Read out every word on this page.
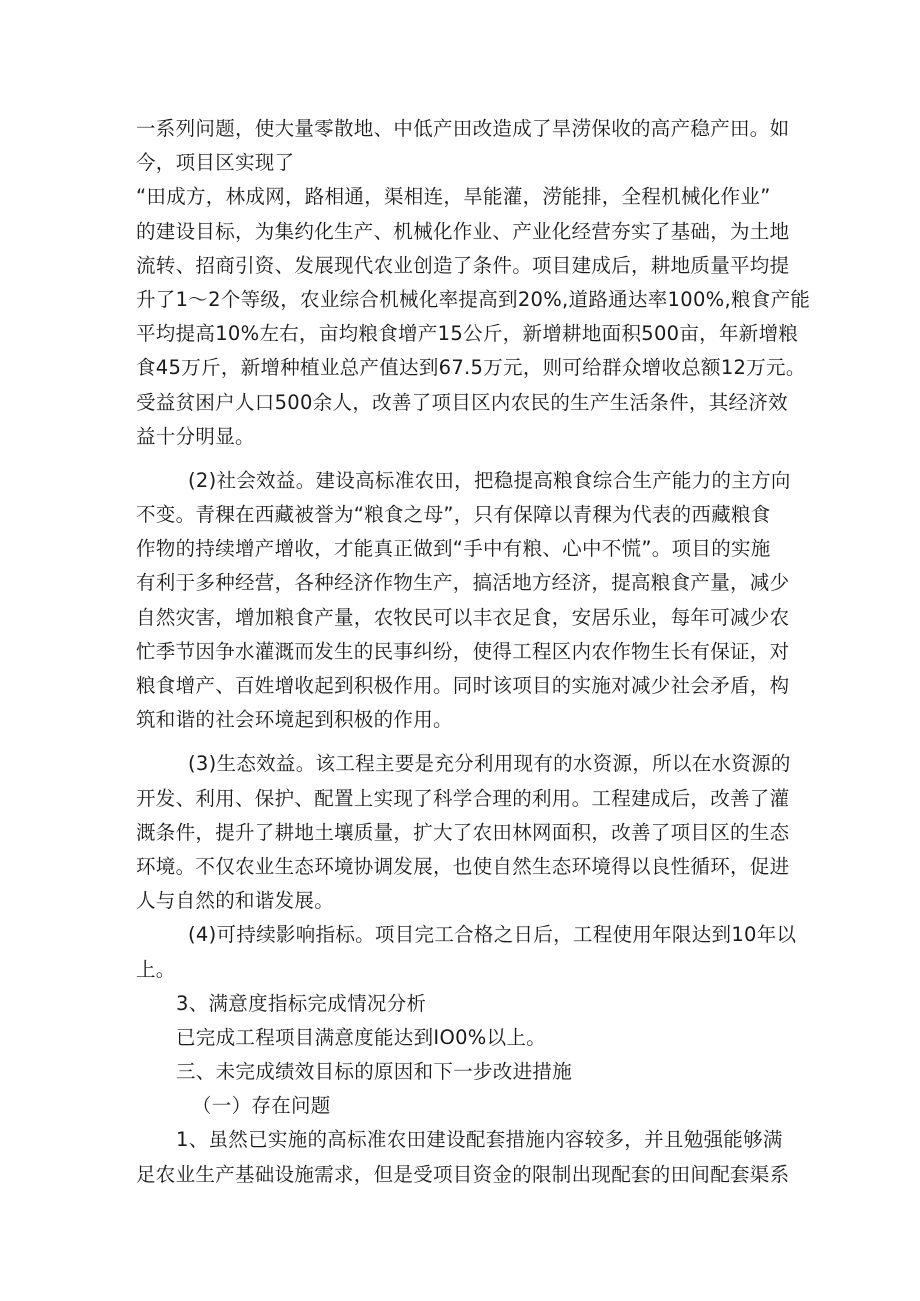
一系列问题，使大量零散地、中低产田改造成了旱涝保收的高产稳产田。如
今，项目区实现了
“田成方，林成网，路相通，渠相连，旱能灌，涝能排，全程机械化作业”
的建设目标，为集约化生产、机械化作业、产业化经营夯实了基础，为土地
流转、招商引资、发展现代农业创造了条件。项目建成后，耕地质量平均提
升了1〜2个等级，农业综合机械化率提高到20%,道路通达率100%,粮食产能
平均提高10%左右，亩均粮食增产15公斤，新增耕地面积500亩，年新增粮
食45万斤，新增种植业总产值达到67.5万元，则可给群众增收总额12万元。
受益贫困户人口500余人，改善了项目区内农民的生产生活条件，其经济效
益十分明显。
(2)社会效益。建设高标准农田，把稳提高粮食综合生产能力的主方向
不变。青稞在西藏被誉为“粮食之母”，只有保障以青稞为代表的西藏粮食
作物的持续增产增收，才能真正做到“手中有粮、心中不慌”。项目的实施
有利于多种经营，各种经济作物生产，搞活地方经济，提高粮食产量，减少
自然灾害，增加粮食产量，农牧民可以丰衣足食，安居乐业，每年可减少农
忙季节因争水灌溉而发生的民事纠纷，使得工程区内农作物生长有保证，对
粮食增产、百姓增收起到积极作用。同时该项目的实施对减少社会矛盾，构
筑和谐的社会环境起到积极的作用。
(3)生态效益。该工程主要是充分利用现有的水资源，所以在水资源的
开发、利用、保护、配置上实现了科学合理的利用。工程建成后，改善了灌
溉条件，提升了耕地土壤质量，扩大了农田林网面积，改善了项目区的生态
环境。不仅农业生态环境协调发展，也使自然生态环境得以良性循环，促进
人与自然的和谐发展。
(4)可持续影响指标。项目完工合格之日后，工程使用年限达到10年以
上。
3、满意度指标完成情况分析
已完成工程项目满意度能达到IO0%以上。
三、未完成绩效目标的原因和下一步改进措施
（一）存在问题
1、虽然已实施的高标准农田建设配套措施内容较多，并且勉强能够满
足农业生产基础设施需求，但是受项目资金的限制出现配套的田间配套渠系
